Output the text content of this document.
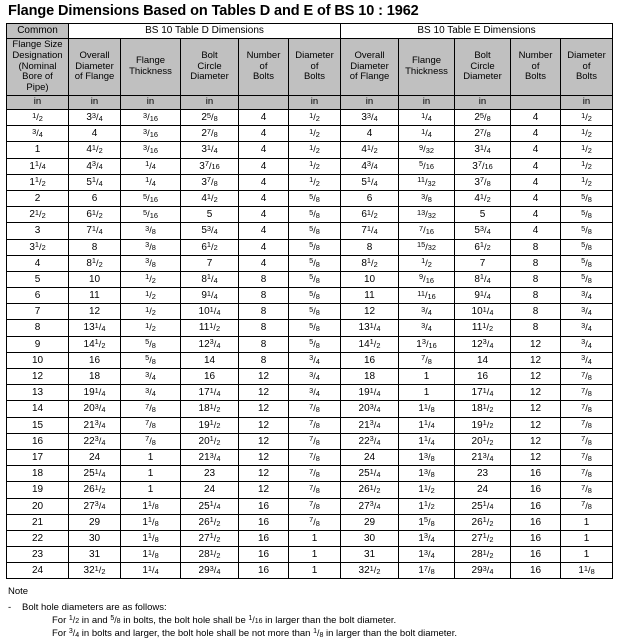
Flange Dimensions Based on Tables D and E of BS 10 : 1962
Common	BS 10 Table D Dimensions					BS 10 Table E Dimensions				

Flange Size
Designation
(Nominal
Bore of
Pipe)

Overall
Diameter
of Flange

Flange
Thickness

Bolt
Circle
Diameter

Number
of
Bolts

Diameter
of
Bolts

Overall
Diameter
of Flange

Flange
Thickness

Bolt
Circle
Diameter

Number
of
Bolts

Diameter
of
Bolts

in	in	in	in		in	in	in	in		in
$^1/_2$	$3^3/_4$	$^3/_{16}$	$2^5/_8$	4	$^1/_2$	$3^3/_4$	$^1/_4$	$2^5/_8$	4	$^1/_2$
$^3/_4$	4	$^3/_{16}$	$2^7/_8$	4	$^1/_2$	4	$^1/_4$	$2^7/_8$	4	$^1/_2$
1	$4^1/_2$	$^3/_{16}$	$3^1/_4$	4	$^1/_2$	$4^1/_2$	$^9/_{32}$	$3^1/_4$	4	$^1/_2$
$1^1/_4$	$4^3/_4$	$^1/_4$	$3^7/_{16}$	4	$^1/_2$	$4^3/_4$	$^5/_{16}$	$3^7/_{16}$	4	$^1/_2$
$1^1/_2$	$5^1/_4$	$^1/_4$	$3^7/_8$	4	$^1/_2$	$5^1/_4$	$^{11}/_{32}$	$3^7/_8$	4	$^1/_2$
2	6	$^5/_{16}$	$4^1/_2$	4	$^5/_8$	6	$^3/_8$	$4^1/_2$	4	$^5/_8$
$2^1/_2$	$6^1/_2$	$^5/_{16}$	5	4	$^5/_8$	$6^1/_2$	$^{13}/_{32}$	5	4	$^5/_8$
3	$7^1/_4$	$^3/_8$	$5^3/_4$	4	$^5/_8$	$7^1/_4$	$^7/_{16}$	$5^3/_4$	4	$^5/_8$
$3^1/_2$	8	$^3/_8$	$6^1/_2$	4	$^5/_8$	8	$^{15}/_{32}$	$6^1/_2$	8	$^5/_8$
4	$8^1/_2$	$^3/_8$	7	4	$^5/_8$	$8^1/_2$	$^1/_2$	7	8	$^5/_8$
5	10	$^1/_2$	$8^1/_4$	8	$^5/_8$	10	$^9/_{16}$	$8^1/_4$	8	$^5/_8$
6	11	$^1/_2$	$9^1/_4$	8	$^5/_8$	11	$^{11}/_{16}$	$9^1/_4$	8	$^3/_4$
7	12	$^1/_2$	$10^1/_4$	8	$^5/_8$	12	$^3/_4$	$10^1/_4$	8	$^3/_4$
8	$13^1/_4$	$^1/_2$	$11^1/_2$	8	$^5/_8$	$13^1/_4$	$^3/_4$	$11^1/_2$	8	$^3/_4$
9	$14^1/_2$	$^5/_8$	$12^3/_4$	8	$^5/_8$	$14^1/_2$	$1^3/_{16}$	$12^3/_4$	12	$^3/_4$
10	16	$^5/_8$	14	8	$^3/_4$	16	$^7/_8$	14	12	$^3/_4$
12	18	$^3/_4$	16	12	$^3/_4$	18	1	16	12	$^7/_8$
13	$19^1/_4$	$^3/_4$	$17^1/_4$	12	$^3/_4$	$19^1/_4$	1	$17^1/_4$	12	$^7/_8$
14	$20^3/_4$	$^7/_8$	$18^1/_2$	12	$^7/_8$	$20^3/_4$	$1^1/_8$	$18^1/_2$	12	$^7/_8$
15	$21^3/_4$	$^7/_8$	$19^1/_2$	12	$^7/_8$	$21^3/_4$	$1^1/_4$	$19^1/_2$	12	$^7/_8$
16	$22^3/_4$	$^7/_8$	$20^1/_2$	12	$^7/_8$	$22^3/_4$	$1^1/_4$	$20^1/_2$	12	$^7/_8$
17	24	1	$21^3/_4$	12	$^7/_8$	24	$1^3/_8$	$21^3/_4$	12	$^7/_8$
18	$25^1/_4$	1	23	12	$^7/_8$	$25^1/_4$	$1^3/_8$	23	16	$^7/_8$
19	$26^1/_2$	1	24	12	$^7/_8$	$26^1/_2$	$1^1/_2$	24	16	$^7/_8$
20	$27^3/_4$	$1^1/_8$	$25^1/_4$	16	$^7/_8$	$27^3/_4$	$1^1/_2$	$25^1/_4$	16	$^7/_8$
21	29	$1^1/_8$	$26^1/_2$	16	$^7/_8$	29	$1^5/_8$	$26^1/_2$	16	1
22	30	$1^1/_8$	$27^1/_2$	16	1	30	$1^3/_4$	$27^1/_2$	16	1
23	31	$1^1/_8$	$28^1/_2$	16	1	31	$1^3/_4$	$28^1/_2$	16	1
24	$32^1/_2$	$1^1/_4$	$29^3/_4$	16	1	$32^1/_2$	$1^7/_8$	$29^3/_4$	16	$1^1/_8$
Note
-	Bolt hole diameters are as follows:
For $^1/_2$ in and $^5/_8$ in bolts, the bolt hole shall be $^1/_{16}$ in larger than the bolt diameter.
For $^3/_4$ in bolts and larger, the bolt hole shall be not more than $^1/_8$ in larger than the bolt diameter.
